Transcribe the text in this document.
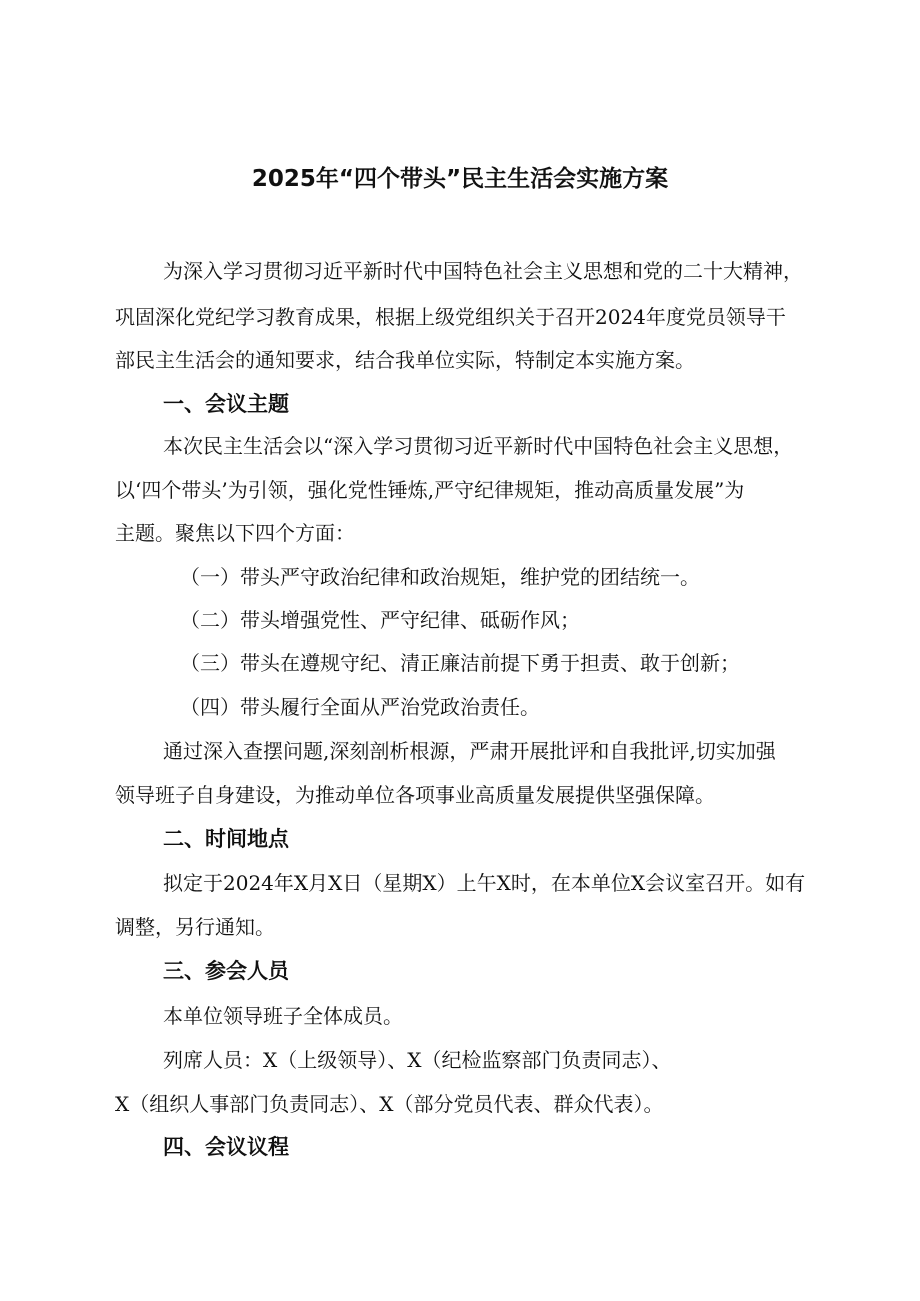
2025年“四个带头”民主生活会实施方案
为深入学习贯彻习近平新时代中国特色社会主义思想和党的二十大精神，
巩固深化党纪学习教育成果，根据上级党组织关于召开2024年度党员领导干
部民主生活会的通知要求，结合我单位实际，特制定本实施方案。
一、会议主题
本次民主生活会以“深入学习贯彻习近平新时代中国特色社会主义思想，
以‘四个带头’为引领，强化党性锤炼,严守纪律规矩，推动高质量发展”为
主题。聚焦以下四个方面：
（一）带头严守政治纪律和政治规矩，维护党的团结统一。
（二）带头增强党性、严守纪律、砥砺作风；
（三）带头在遵规守纪、清正廉洁前提下勇于担责、敢于创新；
（四）带头履行全面从严治党政治责任。
通过深入查摆问题,深刻剖析根源，严肃开展批评和自我批评,切实加强
领导班子自身建设，为推动单位各项事业高质量发展提供坚强保障。
二、时间地点
拟定于2024年X月X日（星期X）上午X时，在本单位X会议室召开。如有
调整，另行通知。
三、参会人员
本单位领导班子全体成员。
列席人员：X（上级领导）、X（纪检监察部门负责同志）、
X（组织人事部门负责同志）、X（部分党员代表、群众代表）。
四、会议议程
